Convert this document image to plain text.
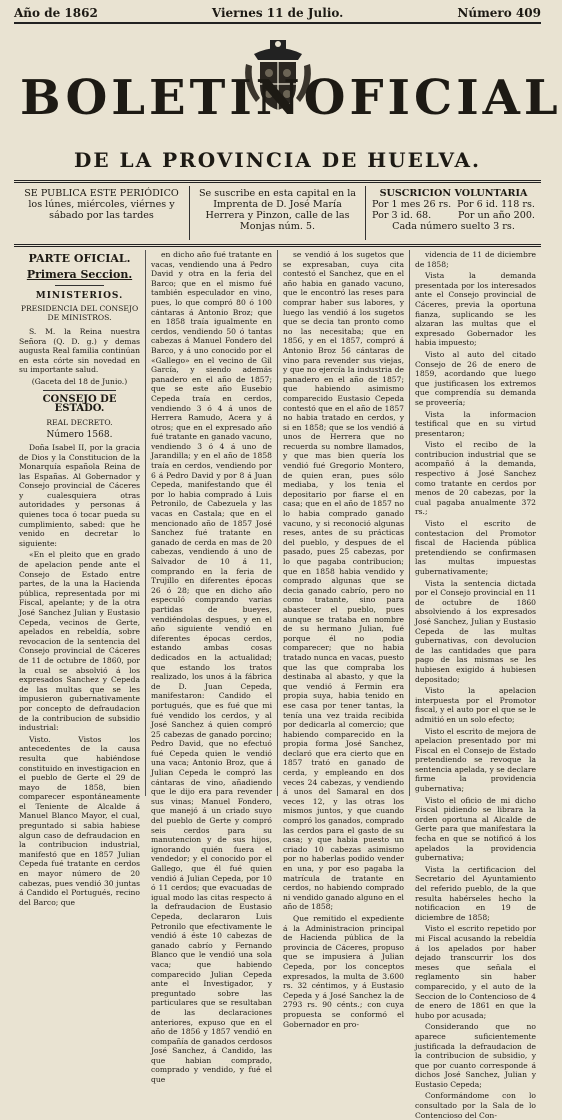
Año de 1862	Viernes 11 de Julio.	Número 409
BOLETIN OFICIAL
DE LA PROVINCIA DE HUELVA.
SE PUBLICA ESTE PERIÓDICO los lúnes, miércoles, viérnes y sábado por las tardes
Se suscribe en esta capital en la Imprenta de D. José María Herrera y Pinzon, calle de las Monjas núm. 5.
SUSCRICION VOLUNTARIA
Por 1 mes 26 rs. Por 6 id. 118 rs.
Por 3 id. 68.	Por un año 200.
Cada número suelto 3 rs.
PARTE OFICIAL.
Primera Seccion.
MINISTERIOS.
PRESIDENCIA DEL CONSEJO DE MINISTROS.

S. M. la Reina nuestra Señora (Q. D. g.) y demas augusta Real familia continúan en esta córte sin novedad en su importante salud.

(Gaceta del 18 de Junio.)
CONSEJO DE ESTADO.
REAL DECRETO.
Número 1568.

Doña Isabel II, por la gracia de Dios y la Constitucion de la Monarquía española Reina de las Españas. Al Gobernador y Consejo provincial de Cáceres y cualesquiera otras autoridades y personas á quienes toca ó tocar pueda su cumplimiento, sabed: que he venido en decretar lo siguiente:

«En el pleito que en grado de apelacion pende ante el Consejo de Estado entre partes, de la una la Hacienda pública, representada por mi Fiscal, apelante; y de la otra José Sanchez Julian y Eustasio Cepeda, vecinos de Gerte, apelados en rebeldía, sobre revocacion de la sentencia del Consejo provincial de Cáceres de 11 de octubre de 1860, por la cual se absolvió á los expresados Sanchez y Cepeda de las multas que se les impusieron gubernativamente por concepto de defraudacion de la contribucion de subsidio industrial:

Visto. Vistos los antecedentes de la causa resulta que habiéndose constituido en investigacion en el pueblo de Gerte el 29 de mayo de 1858, bien comparecer espontáneamente el Teniente de Alcalde á Manuel Blanco Mayor, el cual, preguntado si sabia habiese algun caso de defraudacion en la contribucion industrial, manifestó que en 1857 Julian Cepeda fué tratante en cerdos en mayor número de 20 cabezas, pues vendió 30 juntas á Candido el Portugués, recino del Barco; que

en dicho año fué tratante en vacas, vendiendo una á Pedro David y otra en la feria del Barco; que en el mismo fué también especulador en vino, pues, lo que compró 80 ó 100 cántaras á Antonio Broz; que en 1858 traía igualmente en cerdos, vendiendo 50 ó tantas cabezas á Manuel Fondero del Barco, y á uno conocido por el «Gallego» en el vecino de Gil García, y siendo además panadero en el año de 1857; que se este año Eusebio Cepeda traía en cerdos, vendiendo 3 ó 4 á unos de Herrera Ramudo, Acera y á otros; que en el expresado año fué tratante en ganado vacuno, vendiendo 3 ó 4 á uno de Jarandilla; y en el año de 1858 traía en cerdos, vendiendo por 6 á Pedro David y por 8 á Juan Cepeda, manifestando que él por lo habia comprado á Luis Petronilo, de Cabezuela y las vacas en Castala; que en el mencionado año de 1857 José Sanchez fué tratante en ganado de cerda en mas de 20 cabezas, vendiendo á uno de Salvador de 10 á 11, comprando en la feria de Trujillo en diferentes épocas 26 ó 28; que en dicho año especuló comprando varias partidas de bueyes, vendiéndolas despues, y en el año siguiente vendió en diferentes épocas cerdos, estando ambas cosas dedicados en la actualidad; que estando los tratos realizado, los unos á la fábrica de D. Juan Cepeda, manifestaron: Candido el portugués, que es fué que mi fué vendido los cerdos, y al José Sanchez á quien compró 25 cabezas de ganado porcino; Pedro David, que no efectuó fué Cepeda quien le vendió una vaca; Antonio Broz, que á Julian Cepeda le compró las cántaras de vino, añadiendo que le dijo era para revender sus vinas; Manuel Fondero, que manejó á un criado suyo del pueblo de Gerte y compró seis cerdos para su manutencion y de sus hijos, ignorando quién fuera el vendedor; y el conocido por el Gallego, que él fué quien vendió á Julian Cepeda, por 10 ó 11 cerdos; que evacuadas de igual modo las citas respecto á la defraudacion de Eustasio Cepeda, declararon Luis Petronilo que efectivamente le vendió á éste 10 cabezas de ganado cabrío y Fernando Blanco que le vendió una sola vaca; que habiendo comparecido Julian Cepeda ante el Investigador, y preguntado sobre las particulares que se resultaban de las declaraciones anteriores, expuso que en el año de 1856 y 1857 vendió en compañía de ganados cerdosos José Sanchez, á Candido, las que habian comprado, comprado y vendido, y fué el que

se vendió á los sugetos que se expresaban, cuya cita contestó el Sanchez, que en el año habia en ganado vacuno, que le encontró las reses para comprar haber sus labores, y luego las vendió á los sugetos que se decia tan pronto como no las necesitaba; que en 1856, y en el 1857, compró á Antonio Broz 56 cántaras de vino para revender sus viejas, y que no ejercía la industria de panadero en el año de 1857; que habiendo asimismo comparecido Eustasio Cepeda contestó que en el año de 1857 no habia tratado en cerdos, y si en 1858; que se los vendió á unos de Herrera que no recuerda su nombre llamados, y que mas bien quería los vendió fué Gregorio Montero, de quien eran, pues sólo mediaba, y los tenia el depositario por fiarse el en casa; que en el año de 1857 no lo habia comprado ganado vacuno, y si reconoció algunas reses, antes de su prácticas del pueblo, y despues de el pasado, pues 25 cabezas, por lo que pagaba contribucion; que en 1858 habia vendido y comprado algunas que se decia ganado cabrío, pero no como tratante, sino para abastecer el pueblo, pues aunque se trataba en nombre de su hermano Julian, fué porque él no podia comparecer; que no habia tratado nunca en vacas, puesto que las que compraba los destinaba al abasto, y que la que vendió á Fermin era propia suya, habia tenido en ese casa por tener tantas, la tenía una vez traida recibida por dedicarla al comercio; que habiendo comparecido en la propia forma José Sanchez, declaró que era cierto que en 1857 trató en ganado de cerda, y empleando en dos veces 24 cabezas, y vendiendo á unos del Samaral en dos veces 12, y las otras los mismos juntos, y que cuando compró los ganados, comprado las cerdos para el gasto de su casa; y que habia puesto un criado 10 cabezas asimismo por no haberlas podido vender en una, y por eso pagaba la matrícula de tratante en cerdos, no habiendo comprado ni vendido ganado alguno en el año de 1858;

Que remitido el expediente á la Administracion principal de Hacienda pública de la provincia de Cáceres, propuso que se impusiera á Julian Cepeda, por los conceptos expresados, la multa de 3.600 rs. 32 céntimos, y á Eustasio Cepeda y á José Sanchez la de 2793 rs. 90 cénts.; con cuya propuesta se conformó el Gobernador en pro-

videncia de 11 de diciembre de 1858;

Vista la demanda presentada por los interesados ante el Consejo provincial de Cáceres, previa la oportuna fianza, suplicando se les alzaran las multas que el expresado Gobernador les habia impuesto;

Visto al auto del citado Consejo de 26 de enero de 1859, acordando que luego que justificasen los extremos que comprendía su demanda se proveería;

Vista la informacion testifical que en su virtud presentaron;

Visto el recibo de la contribucion industrial que se acompañó á la demanda, respectivo á José Sanchez como tratante en cerdos por menos de 20 cabezas, por la cual pagaba anualmente 372 rs.;

Visto el escrito de contestacion del Promotor fiscal de Hacienda pública pretendiendo se confirmasen las multas impuestas gubernativamente;

Vista la sentencia dictada por el Consejo provincial en 11 de octubre de 1860 absolviendo á los expresados José Sanchez, Julian y Eustasio Cepeda de las multas gubernativas, con devolucion de las cantidades que para pago de las mismas se les hubiesen exigido á hubiesen depositado;

Visto la apelacion interpuesta por el Promotor fiscal, y el auto por el que se le admitió en un solo efecto;

Visto el escrito de mejora de apelacion presentado por mi Fiscal en el Consejo de Estado pretendiendo se revoque la sentencia apelada, y se declare firme la providencia gubernativa;

Visto el oficio de mi dicho Fiscal pidiendo se librara la orden oportuna al Alcalde de Gerte para que manifestara la fecha en que se notificó á los apelados la providencia gubernativa;

Vista la certificacion del Secretario del Ayuntamiento del referido pueblo, de la que resulta habérseles hecho la notificacion en 19 de diciembre de 1858;

Visto el escrito repetido por mi Fiscal acusando la rebeldía á los apelados por haber dejado transcurrir los dos meses que señala el reglamento sin haber comparecido, y el auto de la Seccion de lo Contencioso de 4 de enero de 1861 en que la hubo por acusada;

Considerando que no aparece suficientemente justificada la defraudacion de la contribucion de subsidio, y que por cuanto corresponde á dichos José Sanchez, Julian y Eustasio Cepeda;

Conformándome con lo consultado por la Sala de lo Contencioso del Con-
